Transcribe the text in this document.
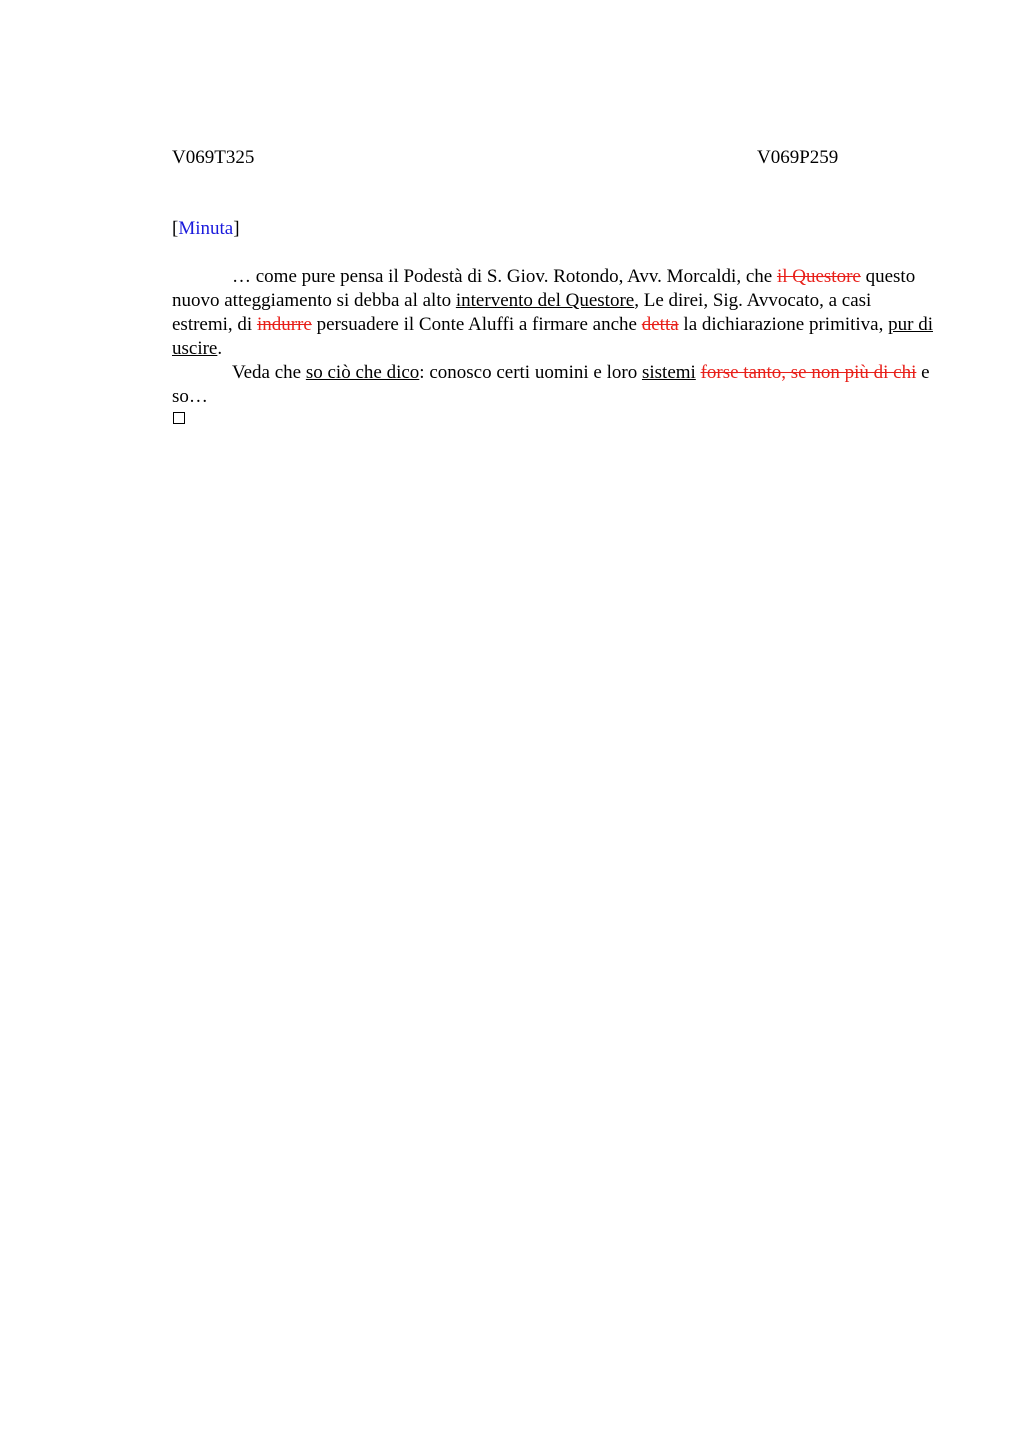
V069T325	V069P259
[Minuta]

… come pure pensa il Podestà di S. Giov. Rotondo, Avv. Morcaldi, che il Questore questo nuovo atteggiamento si debba al alto intervento del Questore, Le direi, Sig. Avvocato, a casi estremi, di indurre persuadere il Conte Aluffi a firmare anche detta la dichiarazione primitiva, pur di uscire.

Veda che so ciò che dico: conosco certi uomini e loro sistemi forse tanto, se non più di chi e so…
